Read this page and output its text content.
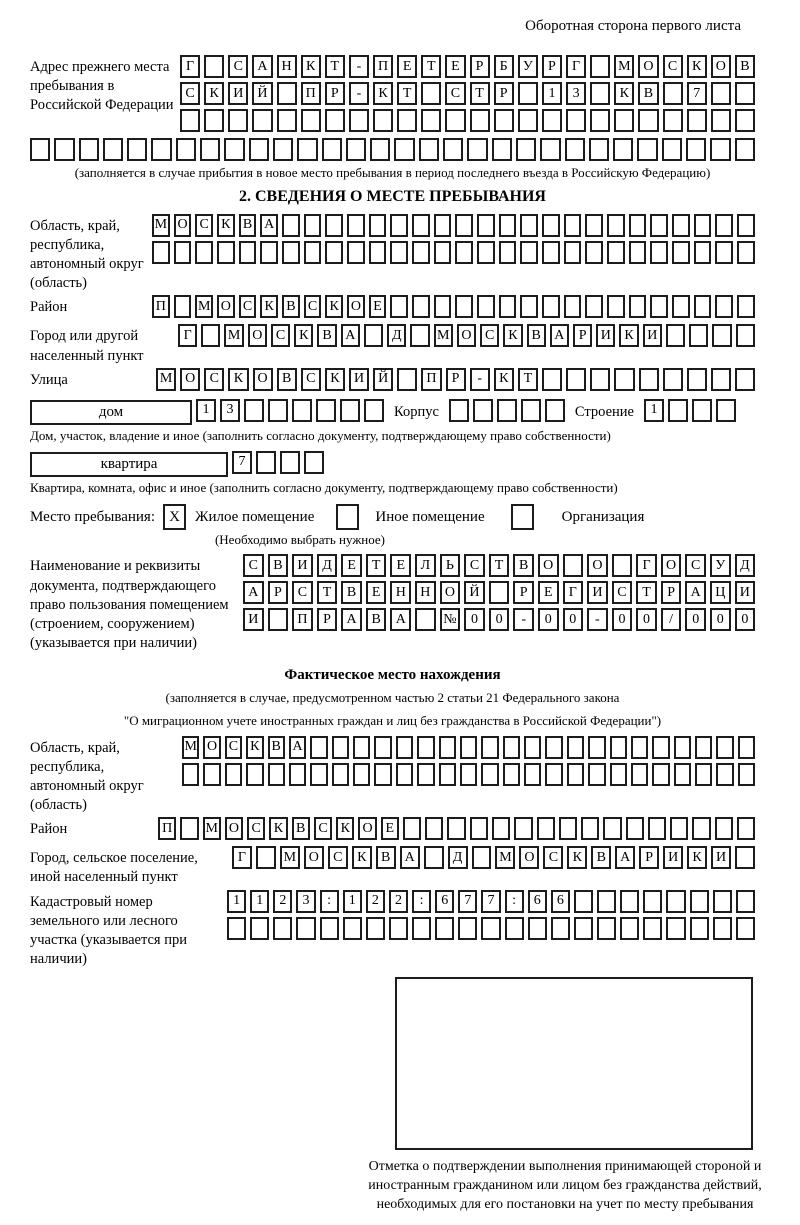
Оборотная сторона первого листа
Адрес прежнего места пребывания в Российской Федерации
Г	С	А	Н	К	Т	-	П	Е	Т	Е	Р	Б	У	Р	Г	М О	С	К	О	В
С	К	И	Й	П	Р	-	К	Т	С	Т	Р	1	3	К	В	7
(заполняется в случае прибытия в новое место пребывания в период последнего въезда в Российскую Федерацию)
2. СВЕДЕНИЯ О МЕСТЕ ПРЕБЫВАНИЯ
Область, край, республика, автономный округ (область)
М О С К В А
Район	П М О С К В С К О Е
Город или другой населенный пункт
Г	М О С К В А	Д	М О С К В А	Р	И К И
Улица	М О	С	К	О	В	С	К	И	Й	П	Р	-	К	Т
дом	1	3	Корпус	Строение	1
Дом, участок, владение и иное (заполнить согласно документу, подтверждающему право собственности)
квартира	7
Квартира, комната, офис и иное (заполнить согласно документу, подтверждающему право собственности)
Место пребывания: X	Жилое помещение	Иное помещение	Организация
(Необходимо выбрать нужное)
Наименование и реквизиты документа, подтверждающего право пользования помещением (строением, сооружением) (указывается при наличии)
С	В	И	Д	Е	Т	Е	Л	Ь	С	Т	В	О	О	Г	О	С	У	Д
А	Р	С	Т	В	Е	Н	Н	О	Й	Р	Е	Г	И	С	Т	Р	А	Ц	И
И	П	Р	А	В	А	№	0	0	-	0	0	-	0	0	/	0	0	0
Фактическое место нахождения
(заполняется в случае, предусмотренном частью 2 статьи 21 Федерального закона
"О миграционном учете иностранных граждан и лиц без гражданства в Российской Федерации")
Область, край, республика, автономный округ (область)
М О С К В А
Район	П М О С К В С К О Е
Город, сельское поселение, иной населенный пункт
Г	М О	С	К	В	А	Д	М О	С	К	В	А	Р	И	К	И
Кадастровый номер земельного или лесного участка (указывается при наличии)
1	1	2	3	:	1	2	2	:	6	7	7	:	6	6
Отметка о подтверждении выполнения принимающей стороной и иностранным гражданином или лицом без гражданства действий, необходимых для его постановки на учет по месту пребывания
